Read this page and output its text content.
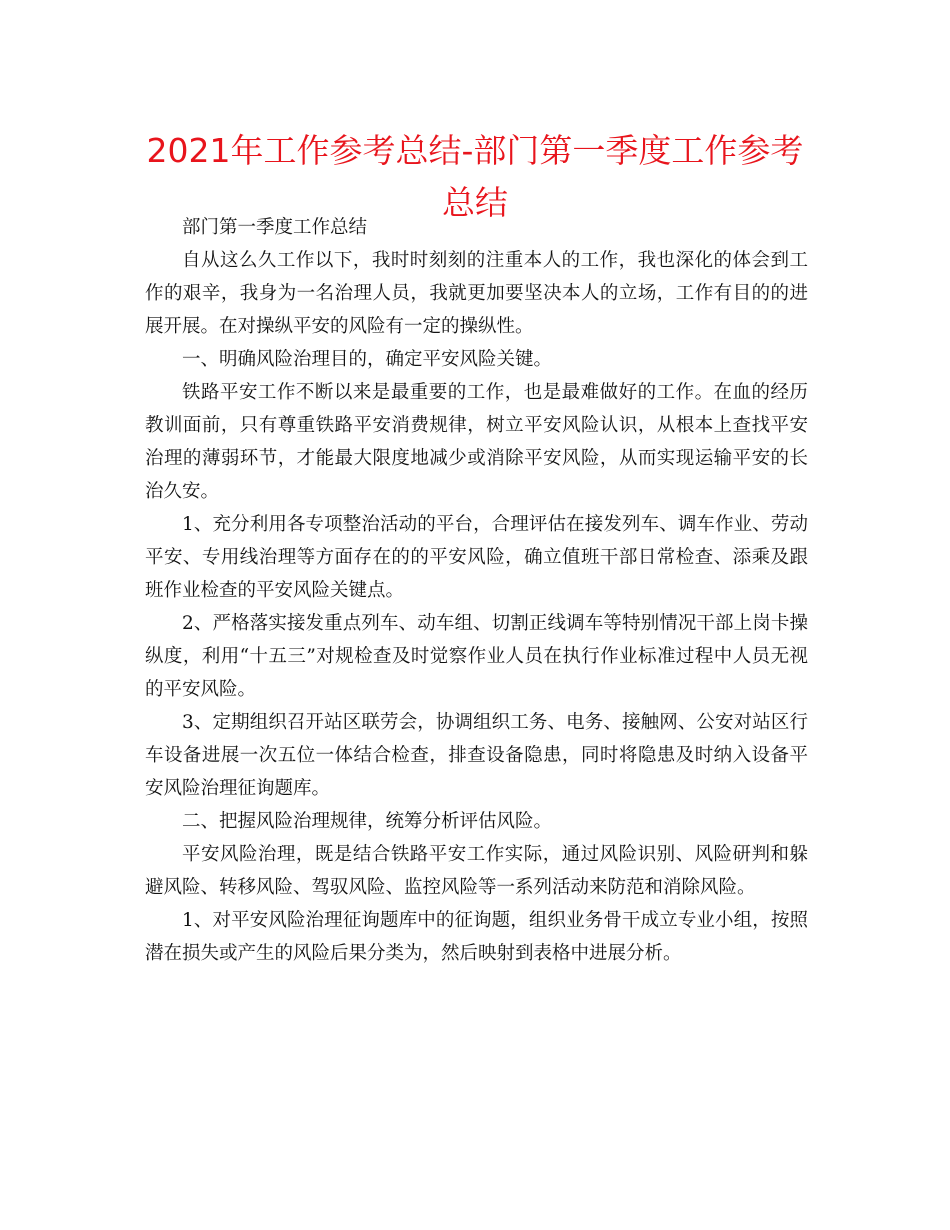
2021年工作参考总结-部门第一季度工作参考总结

部门第一季度工作总结

自从这么久工作以下，我时时刻刻的注重本人的工作，我也深化的体会到工作的艰辛，我身为一名治理人员，我就更加要坚决本人的立场，工作有目的的进展开展。在对操纵平安的风险有一定的操纵性。

一、明确风险治理目的，确定平安风险关键。

铁路平安工作不断以来是最重要的工作，也是最难做好的工作。在血的经历教训面前，只有尊重铁路平安消费规律，树立平安风险认识，从根本上查找平安治理的薄弱环节，才能最大限度地减少或消除平安风险，从而实现运输平安的长治久安。

1、充分利用各专项整治活动的平台，合理评估在接发列车、调车作业、劳动平安、专用线治理等方面存在的的平安风险，确立值班干部日常检查、添乘及跟班作业检查的平安风险关键点。

2、严格落实接发重点列车、动车组、切割正线调车等特别情况干部上岗卡操纵度，利用“十五三”对规检查及时觉察作业人员在执行作业标准过程中人员无视的平安风险。

3、定期组织召开站区联劳会，协调组织工务、电务、接触网、公安对站区行车设备进展一次五位一体结合检查，排查设备隐患，同时将隐患及时纳入设备平安风险治理征询题库。

二、把握风险治理规律，统筹分析评估风险。

平安风险治理，既是结合铁路平安工作实际，通过风险识别、风险研判和躲避风险、转移风险、驾驭风险、监控风险等一系列活动来防范和消除风险。

1、对平安风险治理征询题库中的征询题，组织业务骨干成立专业小组，按照潜在损失或产生的风险后果分类为，然后映射到表格中进展分析。
